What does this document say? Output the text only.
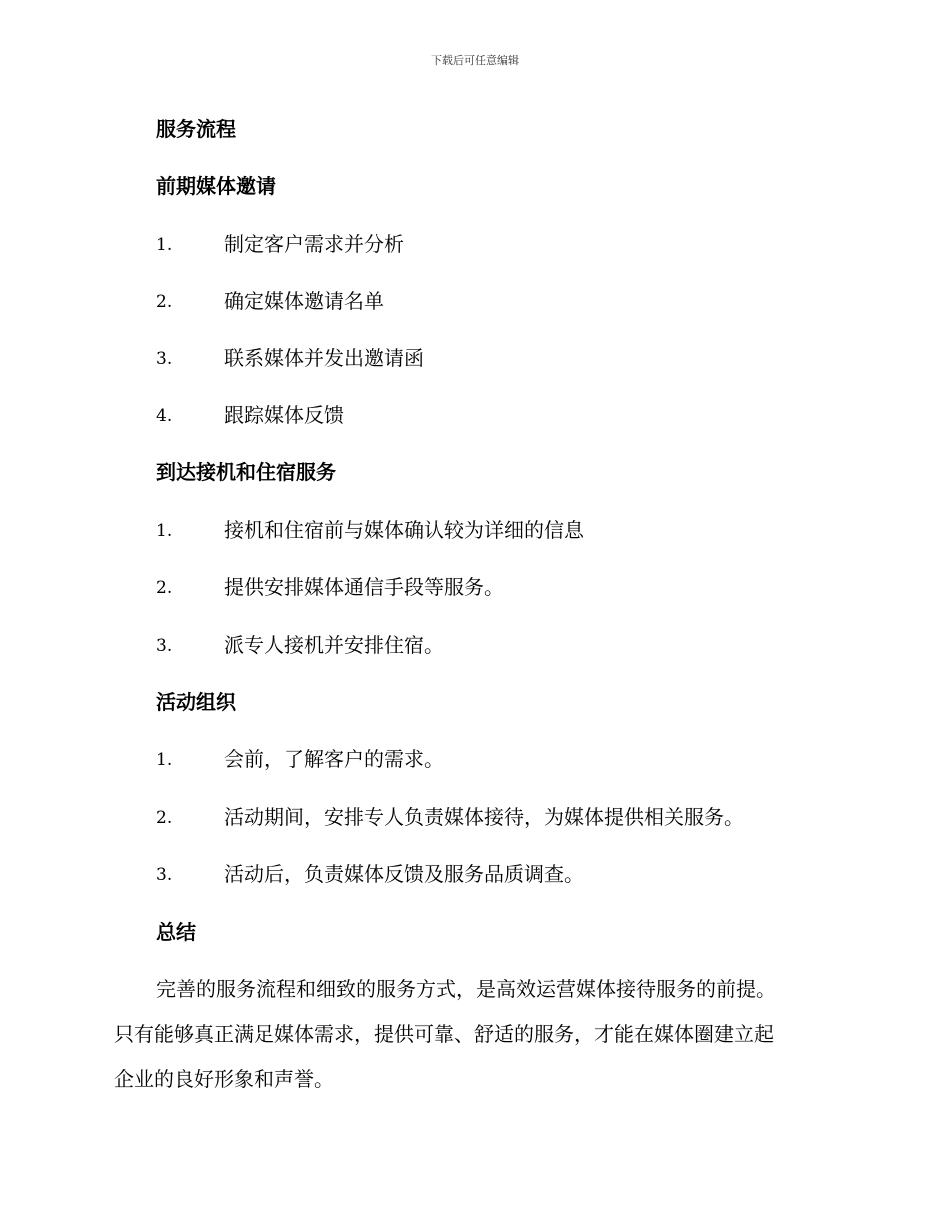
下载后可任意编辑
服务流程
前期媒体邀请
1.	制定客户需求并分析
2.	确定媒体邀请名单
3.	联系媒体并发出邀请函
4.	跟踪媒体反馈
到达接机和住宿服务
1.	接机和住宿前与媒体确认较为详细的信息
2.	提供安排媒体通信手段等服务。
3.	派专人接机并安排住宿。
活动组织
1.	会前，了解客户的需求。
2.	活动期间，安排专人负责媒体接待，为媒体提供相关服务。
3.	活动后，负责媒体反馈及服务品质调查。
总结
完善的服务流程和细致的服务方式，是高效运营媒体接待服务的前提。
只有能够真正满足媒体需求，提供可靠、舒适的服务，才能在媒体圈建立起
企业的良好形象和声誉。
